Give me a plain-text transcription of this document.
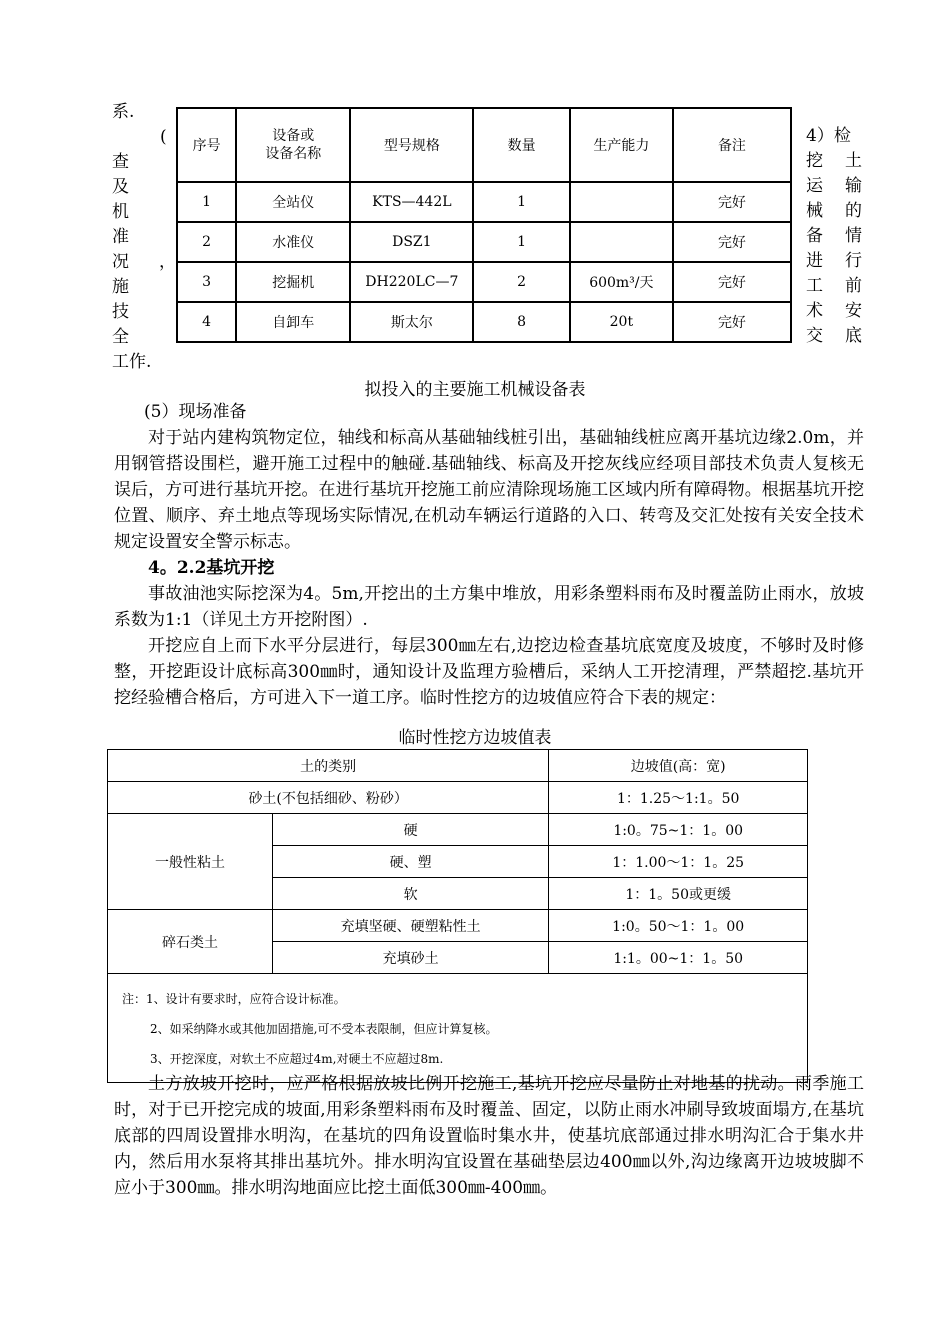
系.
(
查
及
机
准
况 ，
施
技
全
工作.
序号	设备或
设备名称	型号规格	数量	生产能力	备注
1	全站仪	KTS—442L	1		完好
2	水准仪	DSZ1	1		完好
3	挖掘机	DH220LC—7	2	600m³/天	完好
4	自卸车	斯太尔	8	20t	完好
4）检
挖 土
运 输
械 的
备 情
进 行
工 前
术 安
交 底
拟投入的主要施工机械设备表

(5）现场准备

对于站内建构筑物定位，轴线和标高从基础轴线桩引出，基础轴线桩应离开基坑边缘2.0m，并用钢管搭设围栏，避开施工过程中的触碰.基础轴线、标高及开挖灰线应经项目部技术负责人复核无误后，方可进行基坑开挖。在进行基坑开挖施工前应清除现场施工区域内所有障碍物。根据基坑开挖位置、顺序、弃土地点等现场实际情况,在机动车辆运行道路的入口、转弯及交汇处按有关安全技术规定设置安全警示标志。

4。2.2基坑开挖

事故油池实际挖深为4。5m,开挖出的土方集中堆放，用彩条塑料雨布及时覆盖防止雨水，放坡系数为1:1（详见土方开挖附图）.

开挖应自上而下水平分层进行，每层300㎜左右,边挖边检查基坑底宽度及坡度，不够时及时修整，开挖距设计底标高300㎜时，通知设计及监理方验槽后，采纳人工开挖清理，严禁超挖.基坑开挖经验槽合格后，方可进入下一道工序。临时性挖方的边坡值应符合下表的规定：

临时性挖方边坡值表
土的类别		边坡值(高：宽)
砂土(不包括细砂、粉砂）		1：1.25～1:1。50
一般性粘土	硬	1:0。75~1：1。00
	硬、塑	1：1.00～1：1。25
	软	1：1。50或更缓
碎石类土	充填坚硬、硬塑粘性土	1:0。50～1：1。00
	充填砂土	1:1。00~1：1。50

注：1、设计有要求时，应符合设计标准。
2、如采纳降水或其他加固措施,可不受本表限制，但应计算复核。
3、开挖深度，对软土不应超过4m,对硬土不应超过8m.		

土方放坡开挖时，应严格根据放坡比例开挖施工,基坑开挖应尽量防止对地基的扰动。雨季施工时，对于已开挖完成的坡面,用彩条塑料雨布及时覆盖、固定，以防止雨水冲刷导致坡面塌方,在基坑底部的四周设置排水明沟，在基坑的四角设置临时集水井，使基坑底部通过排水明沟汇合于集水井内，然后用水泵将其排出基坑外。排水明沟宜设置在基础垫层边400㎜以外,沟边缘离开边坡坡脚不应小于300㎜。排水明沟地面应比挖土面低300㎜-400㎜。
